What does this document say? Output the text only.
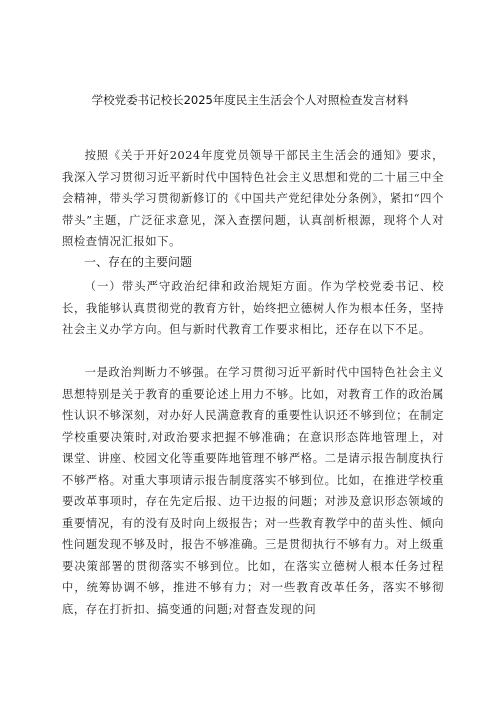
学校党委书记校长2025年度民主生活会个人对照检查发言材料

按照《关于开好2024年度党员领导干部民主生活会的通知》要求，我深入学习贯彻习近平新时代中国特色社会主义思想和党的二十届三中全会精神，带头学习贯彻新修订的《中国共产党纪律处分条例》，紧扣“四个带头”主题，广泛征求意见，深入查摆问题，认真剖析根源，现将个人对照检查情况汇报如下。

一、存在的主要问题

（一）带头严守政治纪律和政治规矩方面。作为学校党委书记、校长，我能够认真贯彻党的教育方针，始终把立德树人作为根本任务，坚持社会主义办学方向。但与新时代教育工作要求相比，还存在以下不足。

一是政治判断力不够强。在学习贯彻习近平新时代中国特色社会主义思想特别是关于教育的重要论述上用力不够。比如，对教育工作的政治属性认识不够深刻，对办好人民满意教育的重要性认识还不够到位；在制定学校重要决策时,对政治要求把握不够准确；在意识形态阵地管理上，对课堂、讲座、校园文化等重要阵地管理不够严格。二是请示报告制度执行不够严格。对重大事项请示报告制度落实不够到位。比如，在推进学校重要改革事项时，存在先定后报、边干边报的问题；对涉及意识形态领域的重要情况，有的没有及时向上级报告；对一些教育教学中的苗头性、倾向性问题发现不够及时，报告不够准确。三是贯彻执行不够有力。对上级重要决策部署的贯彻落实不够到位。比如，在落实立德树人根本任务过程中，统筹协调不够，推进不够有力；对一些教育改革任务，落实不够彻底，存在打折扣、搞变通的问题;对督查发现的问
